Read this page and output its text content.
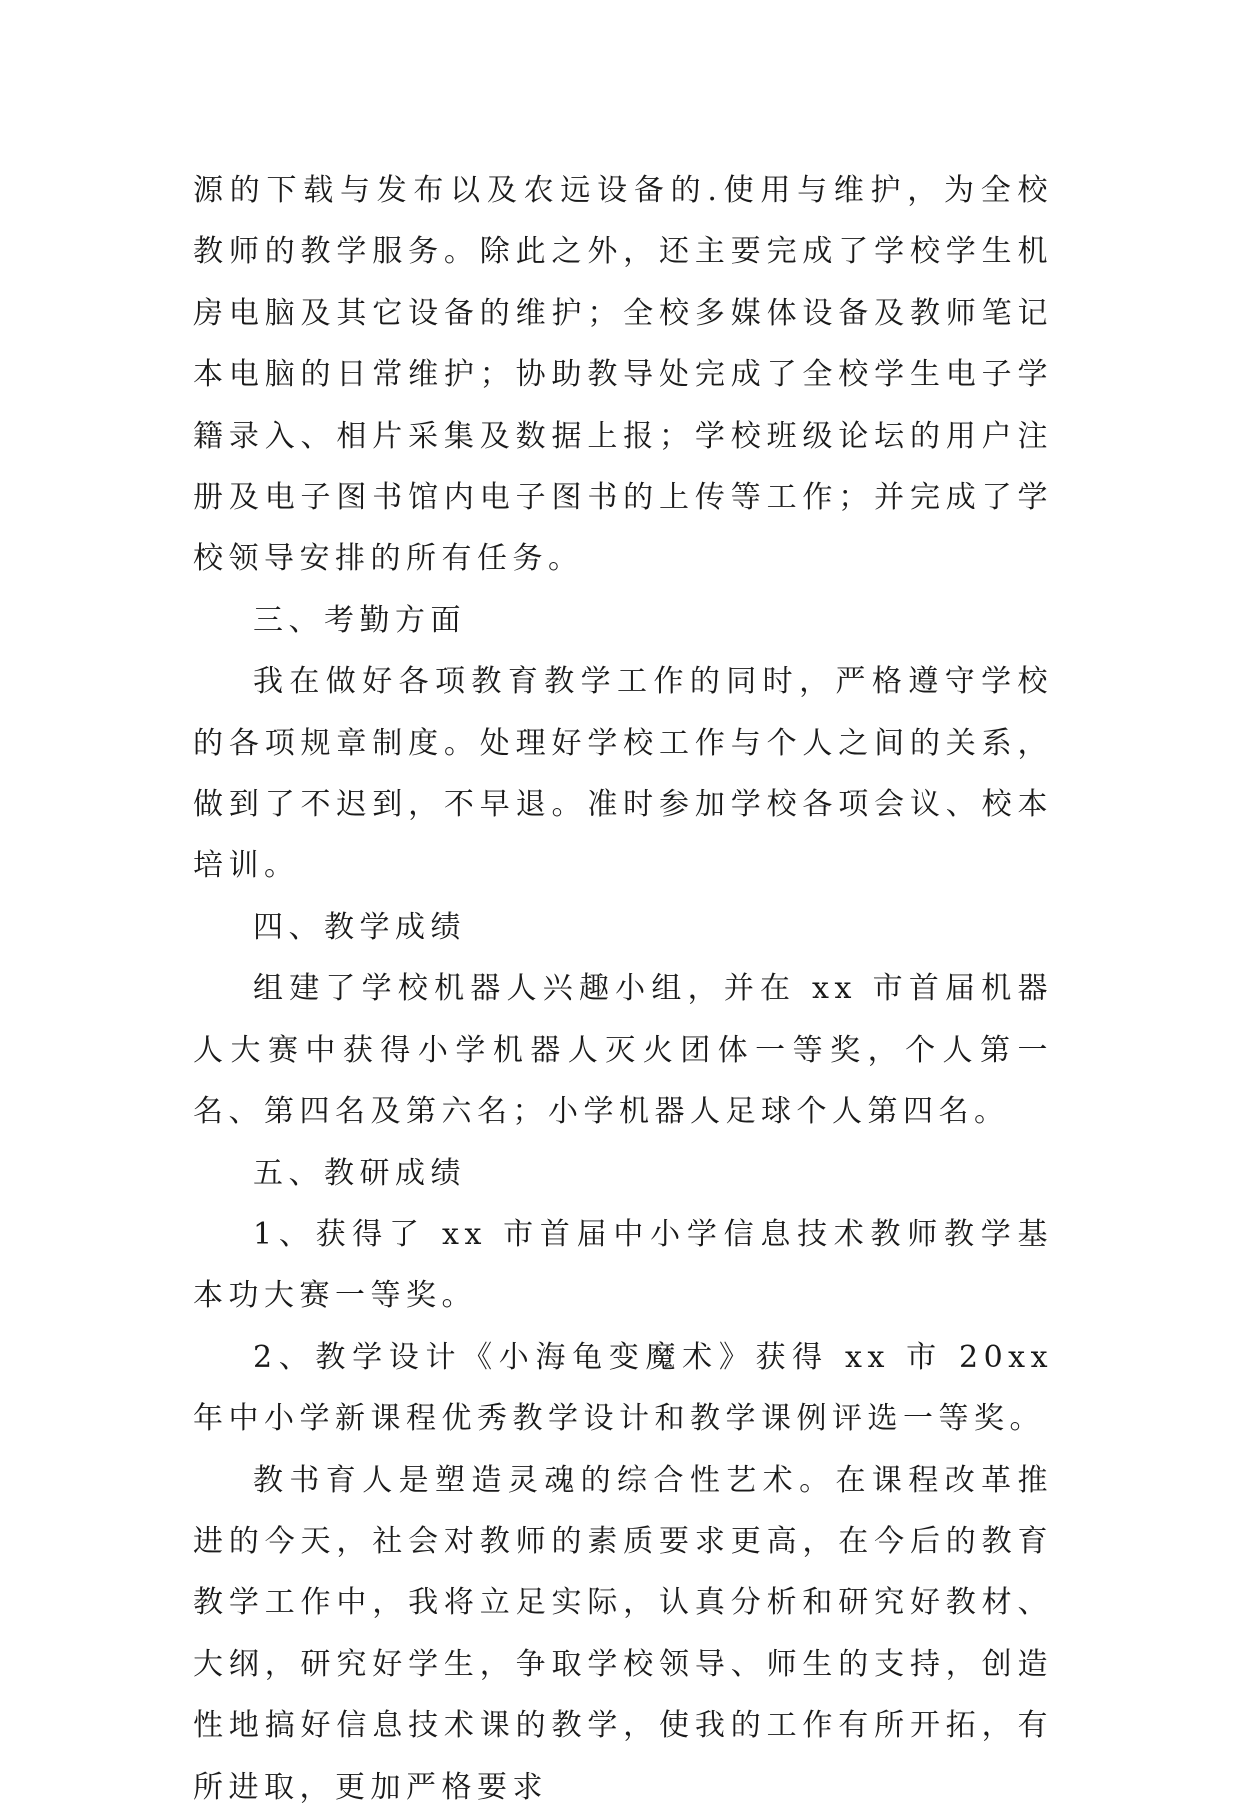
源的下载与发布以及农远设备的.使用与维护，为全校教师的教学服务。除此之外，还主要完成了学校学生机房电脑及其它设备的维护；全校多媒体设备及教师笔记本电脑的日常维护；协助教导处完成了全校学生电子学籍录入、相片采集及数据上报；学校班级论坛的用户注册及电子图书馆内电子图书的上传等工作；并完成了学校领导安排的所有任务。

三、考勤方面

我在做好各项教育教学工作的同时，严格遵守学校的各项规章制度。处理好学校工作与个人之间的关系，做到了不迟到，不早退。准时参加学校各项会议、校本培训。

四、教学成绩

组建了学校机器人兴趣小组，并在 xx 市首届机器人大赛中获得小学机器人灭火团体一等奖，个人第一名、第四名及第六名；小学机器人足球个人第四名。

五、教研成绩

1、获得了 xx 市首届中小学信息技术教师教学基本功大赛一等奖。

2、教学设计《小海龟变魔术》获得 xx 市 20xx 年中小学新课程优秀教学设计和教学课例评选一等奖。

教书育人是塑造灵魂的综合性艺术。在课程改革推进的今天，社会对教师的素质要求更高，在今后的教育教学工作中，我将立足实际，认真分析和研究好教材、大纲，研究好学生，争取学校领导、师生的支持，创造性地搞好信息技术课的教学，使我的工作有所开拓，有所进取，更加严格要求
